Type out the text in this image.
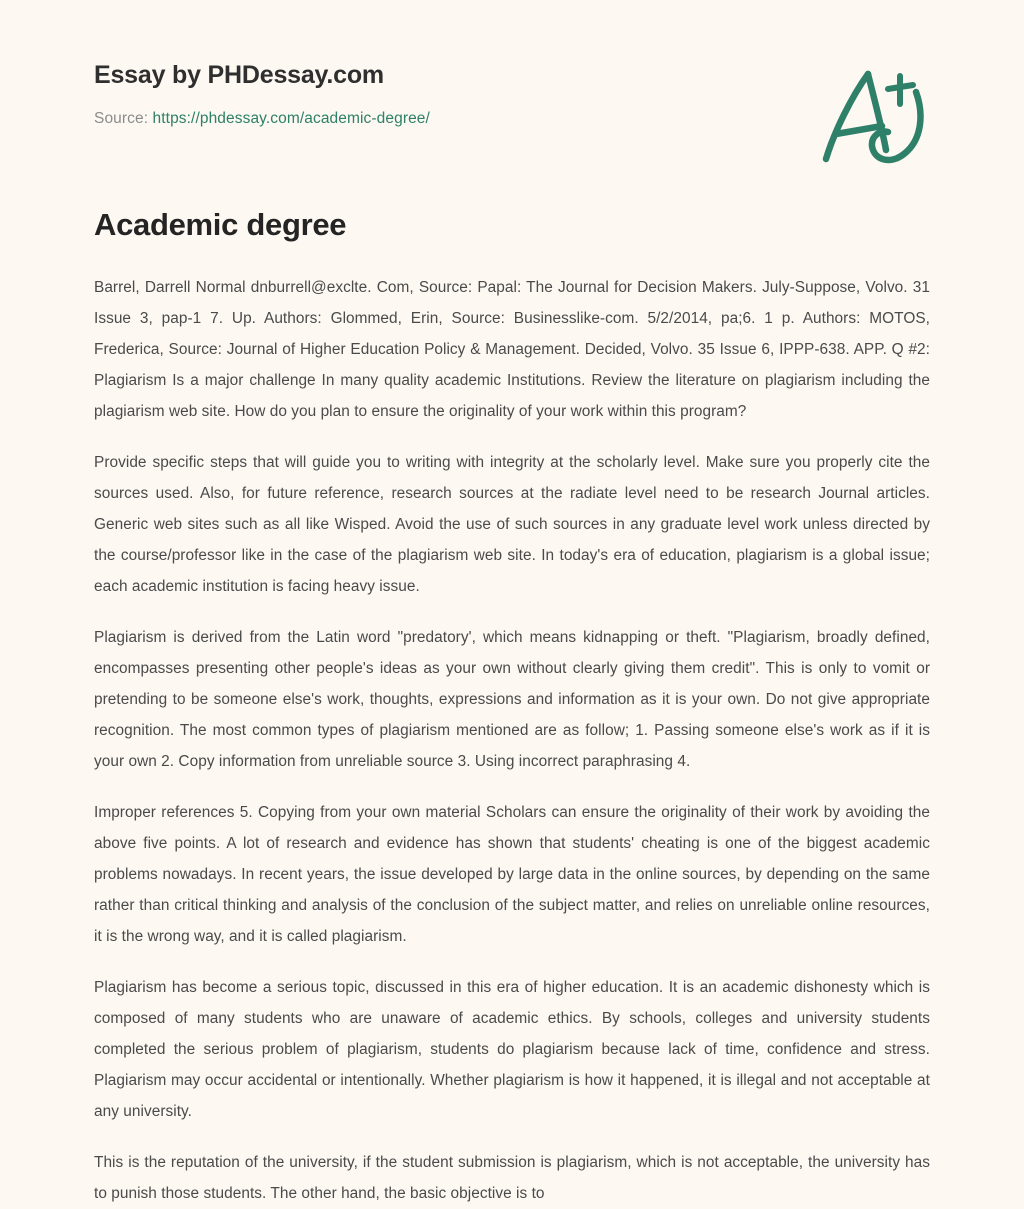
Essay by PHDessay.com
Source: https://phdessay.com/academic-degree/
Academic degree

Barrel, Darrell Normal dnburrell@exclte. Com, Source: Papal: The Journal for Decision Makers. July-Suppose, Volvo. 31 Issue 3, pap-1 7. Up. Authors: Glommed, Erin, Source: Businesslike-com. 5/2/2014, pa;6. 1 p. Authors: MOTOS, Frederica, Source: Journal of Higher Education Policy & Management. Decided, Volvo. 35 Issue 6, IPPP-638. APP. Q #2: Plagiarism Is a major challenge In many quality academic Institutions. Review the literature on plagiarism including the plagiarism web site. How do you plan to ensure the originality of your work within this program?

Provide specific steps that will guide you to writing with integrity at the scholarly level. Make sure you properly cite the sources used. Also, for future reference, research sources at the radiate level need to be research Journal articles. Generic web sites such as all like Wisped. Avoid the use of such sources in any graduate level work unless directed by the course/professor like in the case of the plagiarism web site. In today's era of education, plagiarism is a global issue; each academic institution is facing heavy issue.

Plagiarism is derived from the Latin word "predatory', which means kidnapping or theft. "Plagiarism, broadly defined, encompasses presenting other people's ideas as your own without clearly giving them credit". This is only to vomit or pretending to be someone else's work, thoughts, expressions and information as it is your own. Do not give appropriate recognition. The most common types of plagiarism mentioned are as follow; 1. Passing someone else's work as if it is your own 2. Copy information from unreliable source 3. Using incorrect paraphrasing 4.

Improper references 5. Copying from your own material Scholars can ensure the originality of their work by avoiding the above five points. A lot of research and evidence has shown that students' cheating is one of the biggest academic problems nowadays. In recent years, the issue developed by large data in the online sources, by depending on the same rather than critical thinking and analysis of the conclusion of the subject matter, and relies on unreliable online resources, it is the wrong way, and it is called plagiarism.

Plagiarism has become a serious topic, discussed in this era of higher education. It is an academic dishonesty which is composed of many students who are unaware of academic ethics. By schools, colleges and university students completed the serious problem of plagiarism, students do plagiarism because lack of time, confidence and stress. Plagiarism may occur accidental or intentionally. Whether plagiarism is how it happened, it is illegal and not acceptable at any university.

This is the reputation of the university, if the student submission is plagiarism, which is not acceptable, the university has to punish those students. The other hand, the basic objective is to
